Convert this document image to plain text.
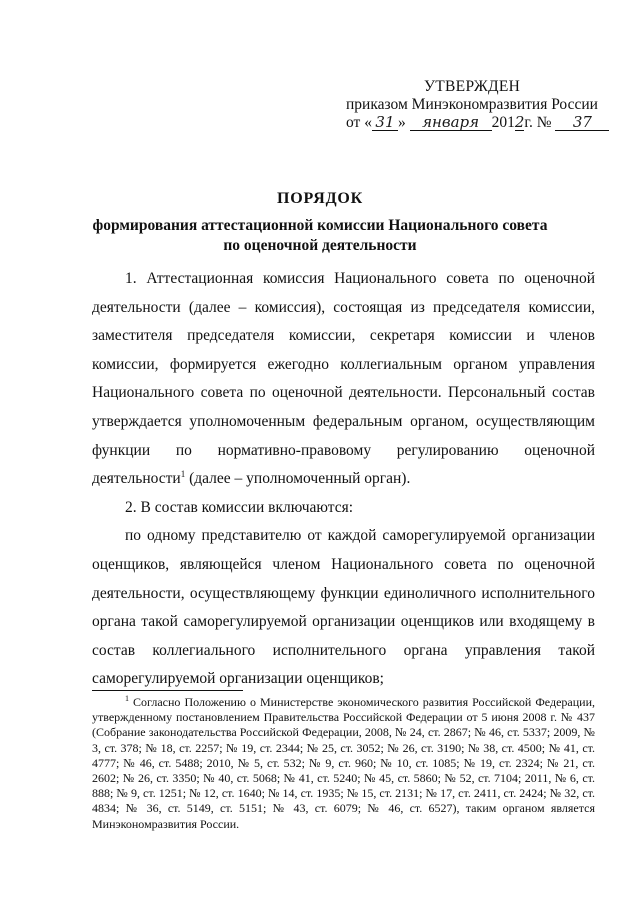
УТВЕРЖДЕН
приказом Минэкономразвития России
от « 31 » января 2012г. № 37
ПОРЯДОК
формирования аттестационной комиссии Национального совета по оценочной деятельности

1. Аттестационная комиссия Национального совета по оценочной деятельности (далее – комиссия), состоящая из председателя комиссии, заместителя председателя комиссии, секретаря комиссии и членов комиссии, формируется ежегодно коллегиальным органом управления Национального совета по оценочной деятельности. Персональный состав утверждается уполномоченным федеральным органом, осуществляющим функции по нормативно-правовому регулированию оценочной деятельности$^1$ (далее – уполномоченный орган).

2. В состав комиссии включаются:

по одному представителю от каждой саморегулируемой организации оценщиков, являющейся членом Национального совета по оценочной деятельности, осуществляющему функции единоличного исполнительного органа такой саморегулируемой организации оценщиков или входящему в состав коллегиального исполнительного органа управления такой саморегулируемой организации оценщиков;

$^1$ Согласно Положению о Министерстве экономического развития Российской Федерации, утвержденному постановлением Правительства Российской Федерации от 5 июня 2008 г. № 437 (Собрание законодательства Российской Федерации, 2008, № 24, ст. 2867; № 46, ст. 5337; 2009, № 3, ст. 378; № 18, ст. 2257; № 19, ст. 2344; № 25, ст. 3052; № 26, ст. 3190; № 38, ст. 4500; № 41, ст. 4777; № 46, ст. 5488; 2010, № 5, ст. 532; № 9, ст. 960; № 10, ст. 1085; № 19, ст. 2324; № 21, ст. 2602; № 26, ст. 3350; № 40, ст. 5068; № 41, ст. 5240; № 45, ст. 5860; № 52, ст. 7104; 2011, № 6, ст. 888; № 9, ст. 1251; № 12, ст. 1640; № 14, ст. 1935; № 15, ст. 2131; № 17, ст. 2411, ст. 2424; № 32, ст. 4834; № 36, ст. 5149, ст. 5151; № 43, ст. 6079; № 46, ст. 6527), таким органом является Минэкономразвития России.
